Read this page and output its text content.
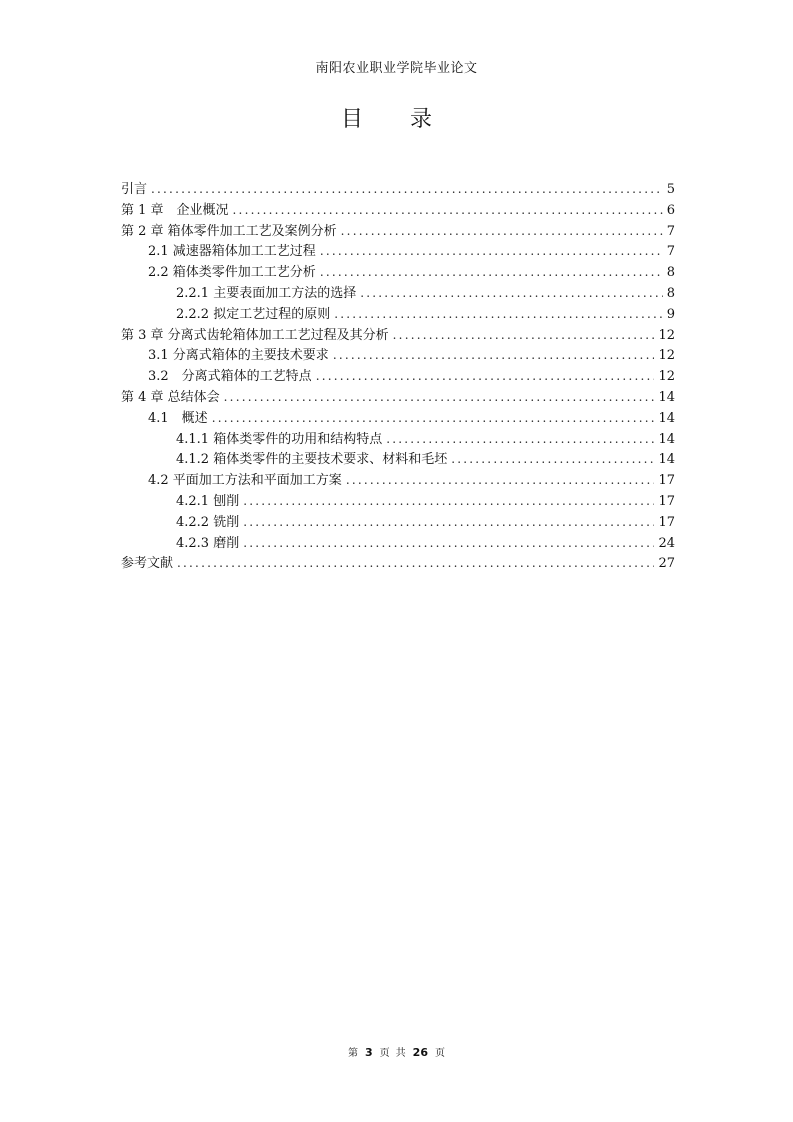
南阳农业职业学院毕业论文
目 录
引言 .....	5
第 1 章　企业概况 .....	6
第 2 章 箱体零件加工工艺及案例分析 .....	7
2.1 减速器箱体加工工艺过程 .....	7
2.2 箱体类零件加工工艺分析 .....	8
2.2.1 主要表面加工方法的选择 .....	8
2.2.2 拟定工艺过程的原则 .....	9
第 3 章 分离式齿轮箱体加工工艺过程及其分析 .....	12
3.1 分离式箱体的主要技术要求 .....	12
3.2　分离式箱体的工艺特点 .....	12
第 4 章 总结体会 .....	14
4.1　概述 .....	14
4.1.1 箱体类零件的功用和结构特点 .....	14
4.1.2 箱体类零件的主要技术要求、材料和毛坯 .....	14
4.2 平面加工方法和平面加工方案 .....	17
4.2.1 刨削 .....	17
4.2.2 铣削 .....	17
4.2.3 磨削 .....	24
参考文献 .....	27
第 3 页 共 26 页
